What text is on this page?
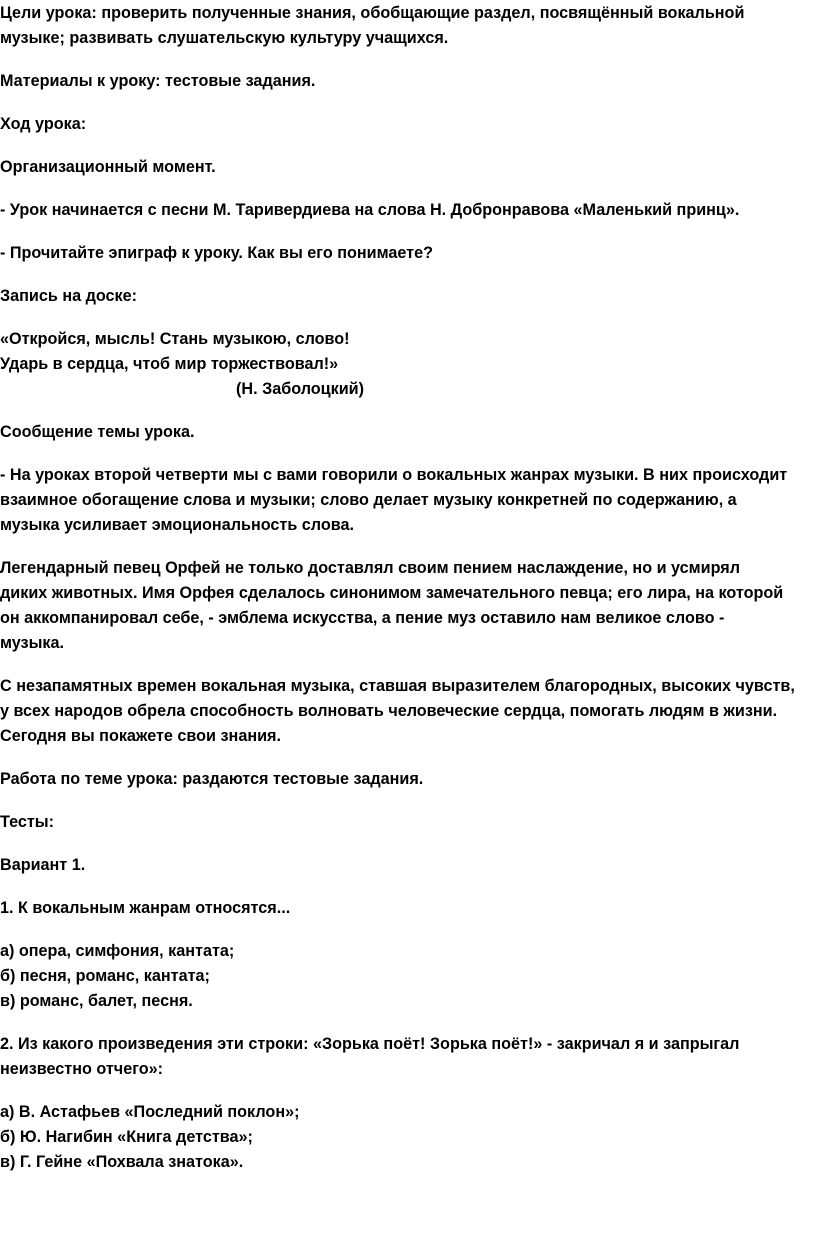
Цели урока: проверить полученные знания, обобщающие раздел, посвящённый вокальной
музыке; развивать слушательскую культуру учащихся.
Материалы к уроку: тестовые задания.
Ход урока:
Организационный момент.
- Урок начинается с песни М. Таривердиева на слова Н. Добронравова «Маленький принц».
- Прочитайте эпиграф к уроку. Как вы его понимаете?
Запись на доске:
«Откройся, мысль! Стань музыкою, слово!
Ударь в сердца, чтоб мир торжествовал!»
(Н. Заболоцкий)
Сообщение темы урока.
- На уроках второй четверти мы с вами говорили о вокальных жанрах музыки. В них происходит
взаимное обогащение слова и музыки; слово делает музыку конкретней по содержанию, а
музыка усиливает эмоциональность слова.
Легендарный певец Орфей не только доставлял своим пением наслаждение, но и усмирял
диких животных. Имя Орфея сделалось синонимом замечательного певца; его лира, на которой
он аккомпанировал себе, - эмблема искусства, а пение муз оставило нам великое слово -
музыка.
С незапамятных времен вокальная музыка, ставшая выразителем благородных, высоких чувств,
у всех народов обрела способность волновать человеческие сердца, помогать людям в жизни.
Сегодня вы покажете свои знания.
Работа по теме урока: раздаются тестовые задания.
Тесты:
Вариант 1.
1. К вокальным жанрам относятся...
а) опера, симфония, кантата;
б) песня, романс, кантата;
в) романс, балет, песня.
2. Из какого произведения эти строки: «Зорька поёт! Зорька поёт!» - закричал я и запрыгал
неизвестно отчего»:
а) В. Астафьев «Последний поклон»;
б) Ю. Нагибин «Книга детства»;
в) Г. Гейне «Похвала знатока».
